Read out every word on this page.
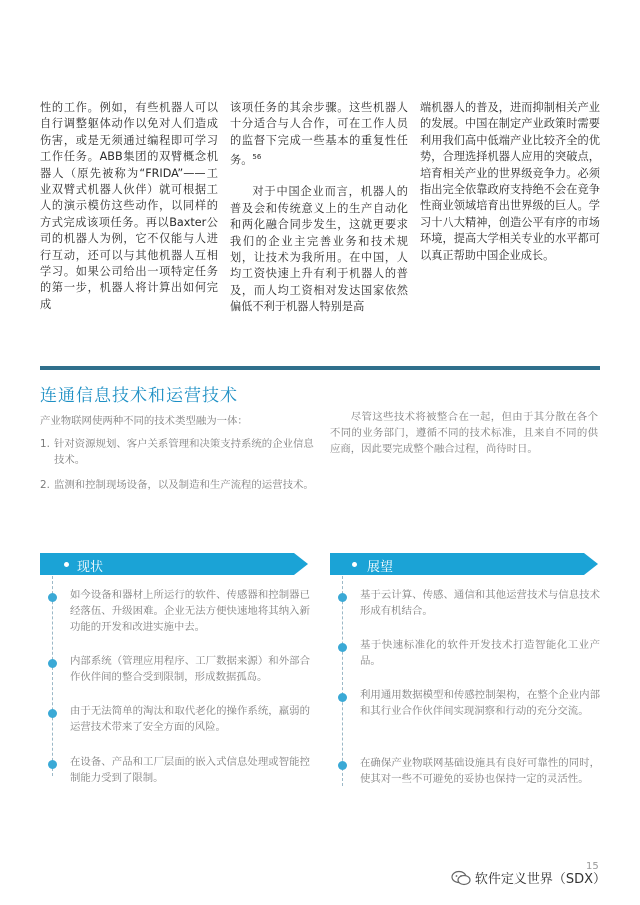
性的工作。例如，有些机器人可以自行调整躯体动作以免对人们造成伤害，或是无须通过编程即可学习工作任务。ABB集团的双臂概念机器人（原先被称为“FRIDA”——工业双臂式机器人伙伴）就可根据工人的演示模仿这些动作，以同样的方式完成该项任务。再以Baxter公司的机器人为例，它不仅能与人进行互动，还可以与其他机器人互相学习。如果公司给出一项特定任务的第一步，机器人将计算出如何完成

该项任务的其余步骤。这些机器人十分适合与人合作，可在工作人员的监督下完成一些基本的重复性任务。$^{56}$

对于中国企业而言，机器人的普及会和传统意义上的生产自动化和两化融合同步发生，这就更要求我们的企业主完善业务和技术规划，让技术为我所用。在中国，人均工资快速上升有利于机器人的普及，而人均工资相对发达国家依然偏低不利于机器人特别是高

端机器人的普及，进而抑制相关产业的发展。中国在制定产业政策时需要利用我们高中低端产业比较齐全的优势，合理选择机器人应用的突破点，培育相关产业的世界级竞争力。必须指出完全依靠政府支持绝不会在竞争性商业领域培育出世界级的巨人。学习十八大精神，创造公平有序的市场环境，提高大学相关专业的水平都可以真正帮助中国企业成长。

连通信息技术和运营技术
产业物联网使两种不同的技术类型融为一体：
1. 针对资源规划、客户关系管理和决策支持系统的企业信息技术。
2. 监测和控制现场设备，以及制造和生产流程的运营技术。
尽管这些技术将被整合在一起，但由于其分散在各个不同的业务部门，遵循不同的技术标准，且来自不同的供应商，因此要完成整个融合过程，尚待时日。
现状
如今设备和器材上所运行的软件、传感器和控制器已经落伍、升级困难。企业无法方便快速地将其纳入新功能的开发和改进实施中去。
内部系统（管理应用程序、工厂数据来源）和外部合作伙伴间的整合受到限制，形成数据孤岛。
由于无法简单的淘汰和取代老化的操作系统，羸弱的运营技术带来了安全方面的风险。
在设备、产品和工厂层面的嵌入式信息处理或智能控制能力受到了限制。
展望
基于云计算、传感、通信和其他运营技术与信息技术形成有机结合。
基于快速标准化的软件开发技术打造智能化工业产品。
利用通用数据模型和传感控制架构，在整个企业内部和其行业合作伙伴间实现洞察和行动的充分交流。
在确保产业物联网基础设施具有良好可靠性的同时，使其对一些不可避免的妥协也保持一定的灵活性。
15
软件定义世界（SDX）
